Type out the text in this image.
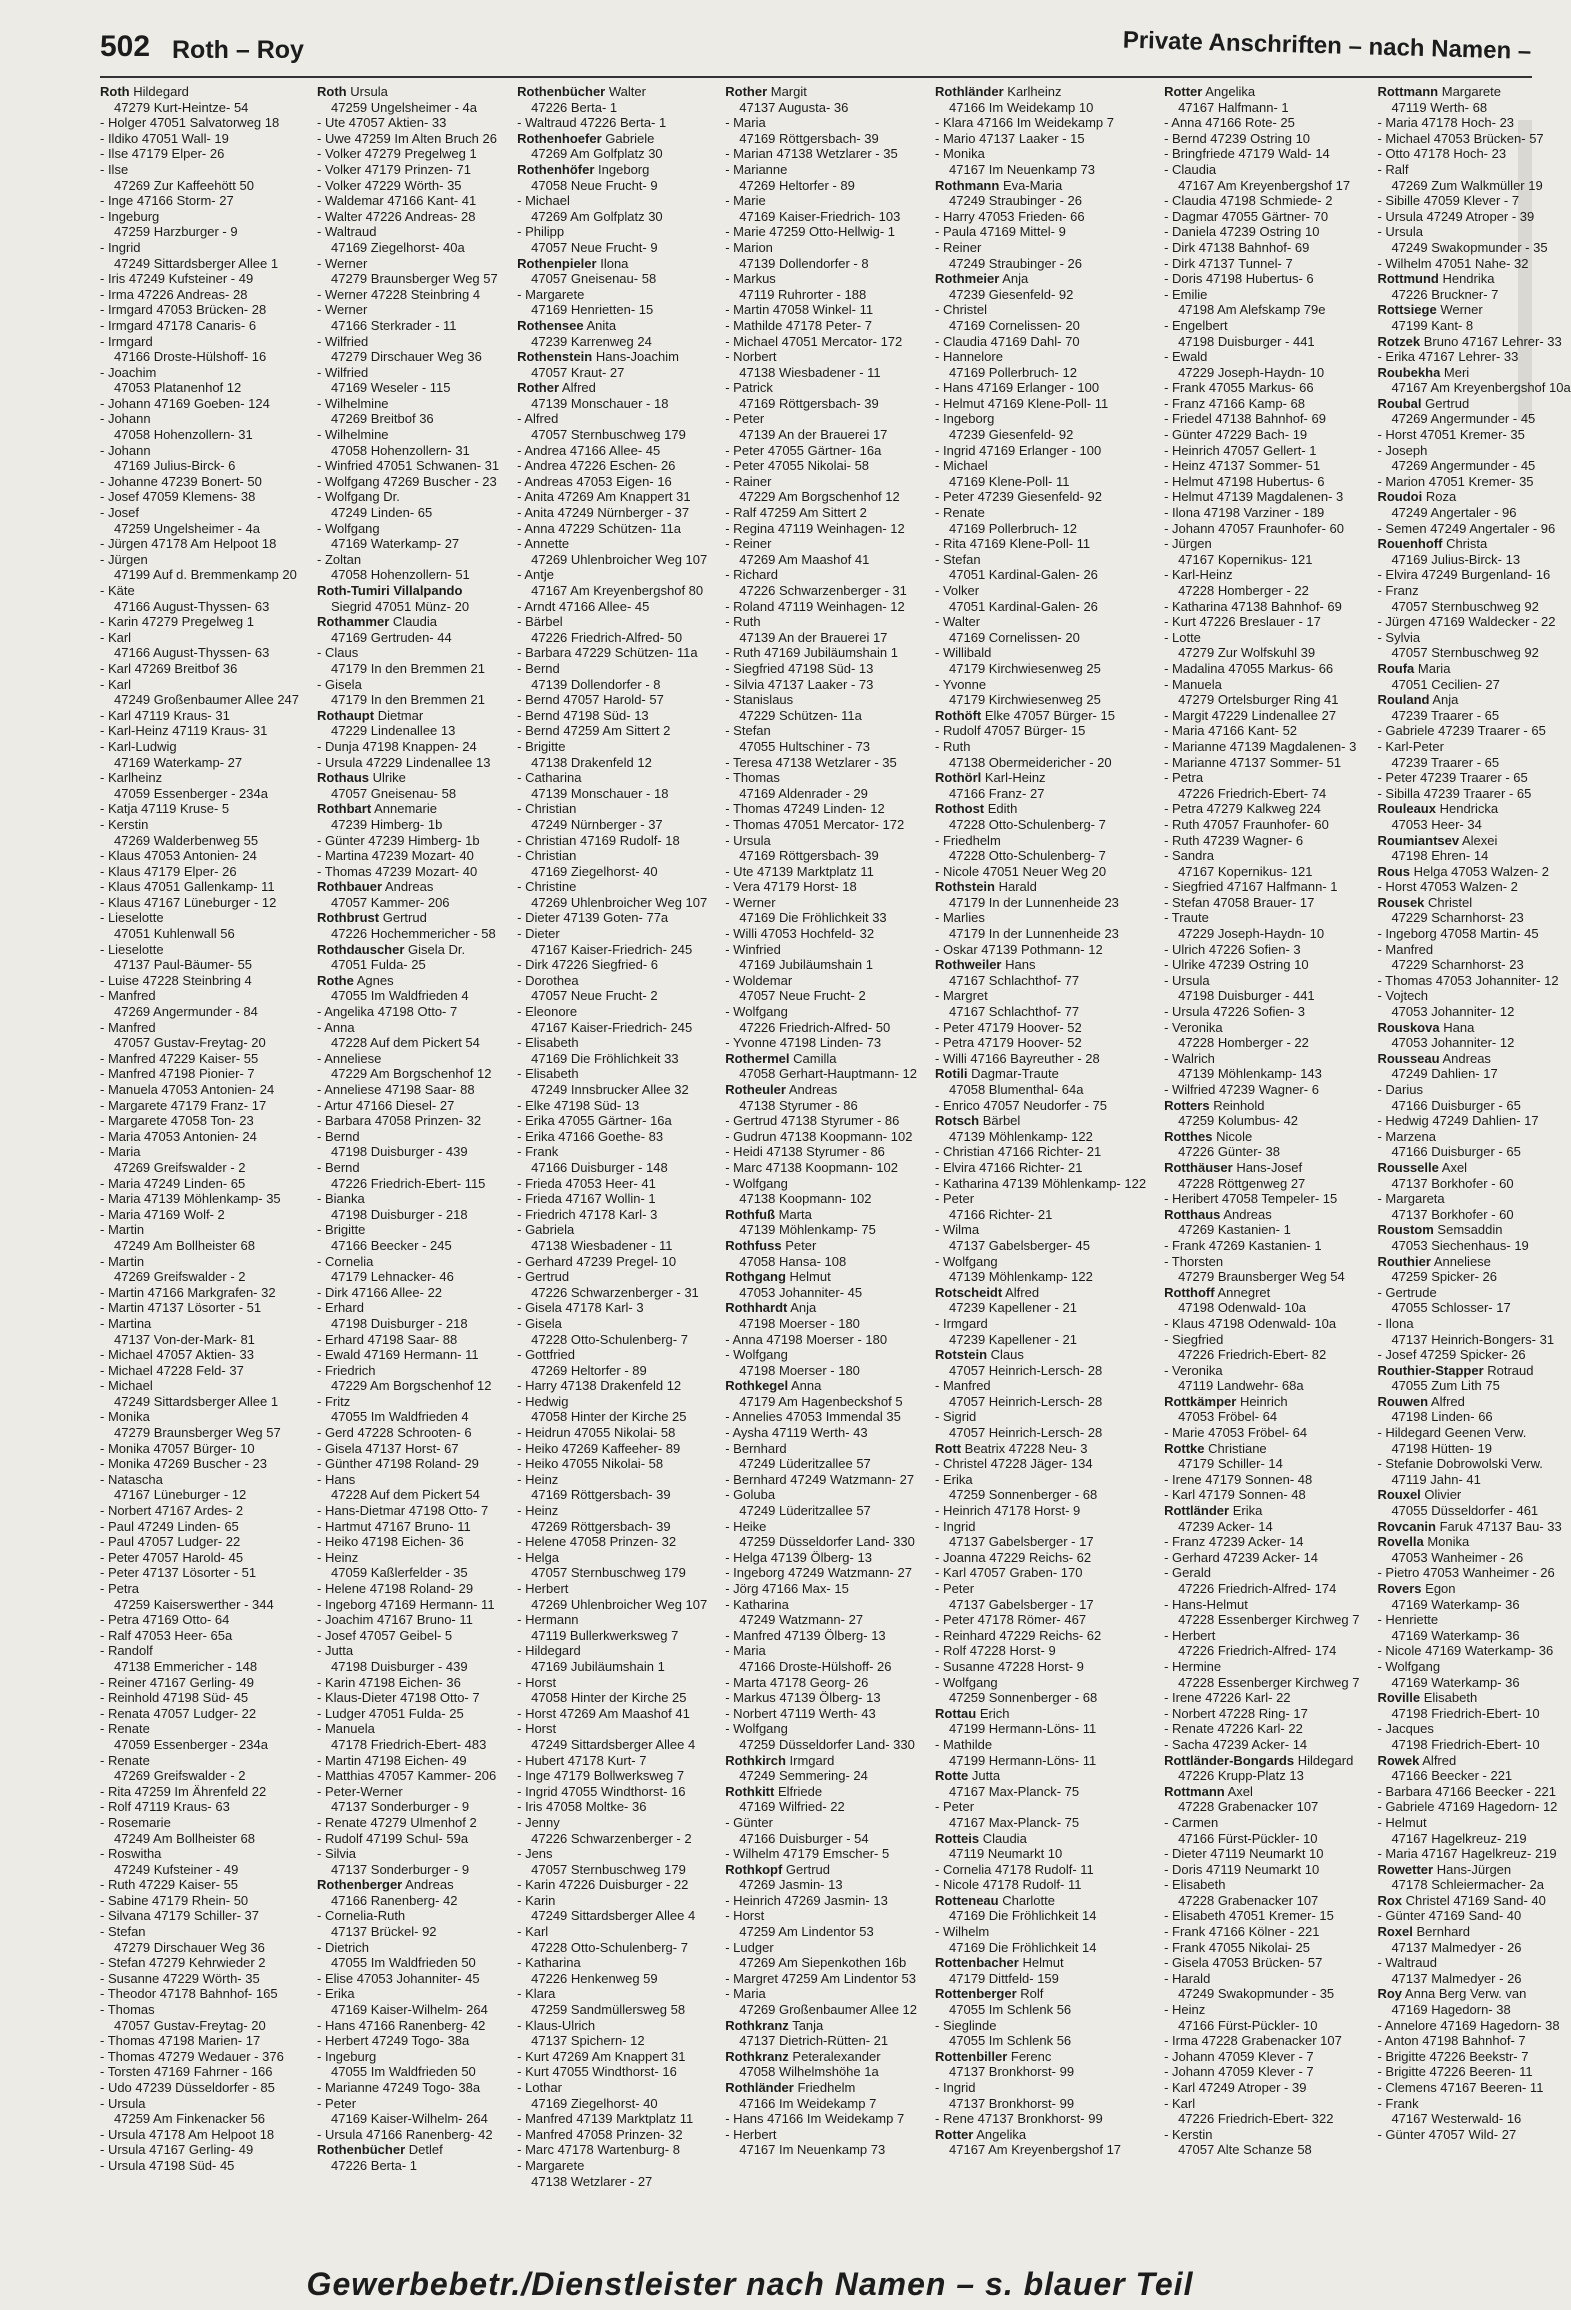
502 Roth – Roy	Private Anschriften – nach Namen –
Roth Hildegard
47279 Kurt-Heintze- 54
- Holger 47051 Salvatorweg 18
- Ildiko 47051 Wall- 19
- Ilse 47179 Elper- 26
- Ilse
47269 Zur Kaffeehött 50
- Inge 47166 Storm- 27
- Ingeburg
47259 Harzburger - 9
- Ingrid
47249 Sittardsberger Allee 1
- Iris 47249 Kufsteiner - 49
- Irma 47226 Andreas- 28
- Irmgard 47053 Brücken- 28
- Irmgard 47178 Canaris- 6
- Irmgard
47166 Droste-Hülshoff- 16
- Joachim
47053 Platanenhof 12
- Johann 47169 Goeben- 124
- Johann
47058 Hohenzollern- 31
- Johann
47169 Julius-Birck- 6
- Johanne 47239 Bonert- 50
- Josef 47059 Klemens- 38
- Josef
47259 Ungelsheimer - 4a
- Jürgen 47178 Am Helpoot 18
- Jürgen
47199 Auf d. Bremmenkamp 20
- Käte
47166 August-Thyssen- 63
- Karin 47279 Pregelweg 1
- Karl
47166 August-Thyssen- 63
- Karl 47269 Breitbof 36
- Karl
47249 Großenbaumer Allee 247
- Karl 47119 Kraus- 31
- Karl-Heinz 47119 Kraus- 31
- Karl-Ludwig
47169 Waterkamp- 27
- Karlheinz
47059 Essenberger - 234a
- Katja 47119 Kruse- 5
- Kerstin
47269 Walderbenweg 55
- Klaus 47053 Antonien- 24
- Klaus 47179 Elper- 26
- Klaus 47051 Gallenkamp- 11
- Klaus 47167 Lüneburger - 12
- Lieselotte
47051 Kuhlenwall 56
- Lieselotte
47137 Paul-Bäumer- 55
- Luise 47228 Steinbring 4
- Manfred
47269 Angermunder - 84
- Manfred
47057 Gustav-Freytag- 20
- Manfred 47229 Kaiser- 55
- Manfred 47198 Pionier- 7
- Manuela 47053 Antonien- 24
- Margarete 47179 Franz- 17
- Margarete 47058 Ton- 23
- Maria 47053 Antonien- 24
- Maria
47269 Greifswalder - 2
- Maria 47249 Linden- 65
- Maria 47139 Möhlenkamp- 35
- Maria 47169 Wolf- 2
- Martin
47249 Am Bollheister 68
- Martin
47269 Greifswalder - 2
- Martin 47166 Markgrafen- 32
- Martin 47137 Lösorter - 51
- Martina
47137 Von-der-Mark- 81
- Michael 47057 Aktien- 33
- Michael 47228 Feld- 37
- Michael
47249 Sittardsberger Allee 1
- Monika
47279 Braunsberger Weg 57
- Monika 47057 Bürger- 10
- Monika 47269 Buscher - 23
- Natascha
47167 Lüneburger - 12
- Norbert 47167 Ardes- 2
- Paul 47249 Linden- 65
- Paul 47057 Ludger- 22
- Peter 47057 Harold- 45
- Peter 47137 Lösorter - 51
- Petra
47259 Kaiserswerther - 344
- Petra 47169 Otto- 64
- Ralf 47053 Heer- 65a
- Randolf
47138 Emmericher - 148
- Reiner 47167 Gerling- 49
- Reinhold 47198 Süd- 45
- Renata 47057 Ludger- 22
- Renate
47059 Essenberger - 234a
- Renate
47269 Greifswalder - 2
- Rita 47259 Im Ährenfeld 22
- Rolf 47119 Kraus- 63
- Rosemarie
47249 Am Bollheister 68
- Roswitha
47249 Kufsteiner - 49
- Ruth 47229 Kaiser- 55
- Sabine 47179 Rhein- 50
- Silvana 47179 Schiller- 37
- Stefan
47279 Dirschauer Weg 36
- Stefan 47279 Kehrwieder 2
- Susanne 47229 Wörth- 35
- Theodor 47178 Bahnhof- 165
- Thomas
47057 Gustav-Freytag- 20
- Thomas 47198 Marien- 17
- Thomas 47279 Wedauer - 376
- Torsten 47169 Fahrner - 166
- Udo 47239 Düsseldorfer - 85
- Ursula
47259 Am Finkenacker 56
- Ursula 47178 Am Helpoot 18
- Ursula 47167 Gerling- 49
- Ursula 47198 Süd- 45
Roth Ursula
47259 Ungelsheimer - 4a
- Ute 47057 Aktien- 33
- Uwe 47259 Im Alten Bruch 26
- Volker 47279 Pregelweg 1
- Volker 47179 Prinzen- 71
- Volker 47229 Wörth- 35
- Waldemar 47166 Kant- 41
- Walter 47226 Andreas- 28
- Waltraud
47169 Ziegelhorst- 40a
- Werner
47279 Braunsberger Weg 57
- Werner 47228 Steinbring 4
- Werner
47166 Sterkrader - 11
- Wilfried
47279 Dirschauer Weg 36
- Wilfried
47169 Weseler - 115
- Wilhelmine
47269 Breitbof 36
- Wilhelmine
47058 Hohenzollern- 31
- Winfried 47051 Schwanen- 31
- Wolfgang 47269 Buscher - 23
- Wolfgang Dr.
47249 Linden- 65
- Wolfgang
47169 Waterkamp- 27
- Zoltan
47058 Hohenzollern- 51
Roth-Tumiri Villalpando
Siegrid 47051 Münz- 20
Rothammer Claudia
47169 Gertruden- 44
- Claus
47179 In den Bremmen 21
- Gisela
47179 In den Bremmen 21
Rothaupt Dietmar
47229 Lindenallee 13
- Dunja 47198 Knappen- 24
- Ursula 47229 Lindenallee 13
Rothaus Ulrike
47057 Gneisenau- 58
Rothbart Annemarie
47239 Himberg- 1b
- Günter 47239 Himberg- 1b
- Martina 47239 Mozart- 40
- Thomas 47239 Mozart- 40
Rothbauer Andreas
47057 Kammer- 206
Rothbrust Gertrud
47226 Hochemmericher - 58
Rothdauscher Gisela Dr.
47051 Fulda- 25
Rothe Agnes
47055 Im Waldfrieden 4
- Angelika 47198 Otto- 7
- Anna
47228 Auf dem Pickert 54
- Anneliese
47229 Am Borgschenhof 12
- Anneliese 47198 Saar- 88
- Artur 47166 Diesel- 27
- Barbara 47058 Prinzen- 32
- Bernd
47198 Duisburger - 439
- Bernd
47226 Friedrich-Ebert- 115
- Bianka
47198 Duisburger - 218
- Brigitte
47166 Beecker - 245
- Cornelia
47179 Lehnacker- 46
- Dirk 47166 Allee- 22
- Erhard
47198 Duisburger - 218
- Erhard 47198 Saar- 88
- Ewald 47169 Hermann- 11
- Friedrich
47229 Am Borgschenhof 12
- Fritz
47055 Im Waldfrieden 4
- Gerd 47228 Schrooten- 6
- Gisela 47137 Horst- 67
- Günther 47198 Roland- 29
- Hans
47228 Auf dem Pickert 54
- Hans-Dietmar 47198 Otto- 7
- Hartmut 47167 Bruno- 11
- Heiko 47198 Eichen- 36
- Heinz
47059 Kaßlerfelder - 35
- Helene 47198 Roland- 29
- Ingeborg 47169 Hermann- 11
- Joachim 47167 Bruno- 11
- Josef 47057 Geibel- 5
- Jutta
47198 Duisburger - 439
- Karin 47198 Eichen- 36
- Klaus-Dieter 47198 Otto- 7
- Ludger 47051 Fulda- 25
- Manuela
47178 Friedrich-Ebert- 483
- Martin 47198 Eichen- 49
- Matthias 47057 Kammer- 206
- Peter-Werner
47137 Sonderburger - 9
- Renate 47279 Ulmenhof 2
- Rudolf 47199 Schul- 59a
- Silvia
47137 Sonderburger - 9
Rothenberger Andreas
47166 Ranenberg- 42
- Cornelia-Ruth
47137 Brückel- 92
- Dietrich
47055 Im Waldfrieden 50
- Elise 47053 Johanniter- 45
- Erika
47169 Kaiser-Wilhelm- 264
- Hans 47166 Ranenberg- 42
- Herbert 47249 Togo- 38a
- Ingeburg
47055 Im Waldfrieden 50
- Marianne 47249 Togo- 38a
- Peter
47169 Kaiser-Wilhelm- 264
- Ursula 47166 Ranenberg- 42
Rothenbücher Detlef
47226 Berta- 1
Rothenbücher Walter
47226 Berta- 1
- Waltraud 47226 Berta- 1
Rothenhoefer Gabriele
47269 Am Golfplatz 30
Rothenhöfer Ingeborg
47058 Neue Frucht- 9
- Michael
47269 Am Golfplatz 30
- Philipp
47057 Neue Frucht- 9
Rothenpieler Ilona
47057 Gneisenau- 58
- Margarete
47169 Henrietten- 15
Rothensee Anita
47239 Karrenweg 24
Rothenstein Hans-Joachim
47057 Kraut- 27
Rother Alfred
47139 Monschauer - 18
- Alfred
47057 Sternbuschweg 179
- Andrea 47166 Allee- 45
- Andrea 47226 Eschen- 26
- Andreas 47053 Eigen- 16
- Anita 47269 Am Knappert 31
- Anita 47249 Nürnberger - 37
- Anna 47229 Schützen- 11a
- Annette
47269 Uhlenbroicher Weg 107
- Antje
47167 Am Kreyenbergshof 80
- Arndt 47166 Allee- 45
- Bärbel
47226 Friedrich-Alfred- 50
- Barbara 47229 Schützen- 11a
- Bernd
47139 Dollendorfer - 8
- Bernd 47057 Harold- 57
- Bernd 47198 Süd- 13
- Bernd 47259 Am Sittert 2
- Brigitte
47138 Drakenfeld 12
- Catharina
47139 Monschauer - 18
- Christian
47249 Nürnberger - 37
- Christian 47169 Rudolf- 18
- Christian
47169 Ziegelhorst- 40
- Christine
47269 Uhlenbroicher Weg 107
- Dieter 47139 Goten- 77a
- Dieter
47167 Kaiser-Friedrich- 245
- Dirk 47226 Siegfried- 6
- Dorothea
47057 Neue Frucht- 2
- Eleonore
47167 Kaiser-Friedrich- 245
- Elisabeth
47169 Die Fröhlichkeit 33
- Elisabeth
47249 Innsbrucker Allee 32
- Elke 47198 Süd- 13
- Erika 47055 Gärtner- 16a
- Erika 47166 Goethe- 83
- Frank
47166 Duisburger - 148
- Frieda 47053 Heer- 41
- Frieda 47167 Wollin- 1
- Friedrich 47178 Karl- 3
- Gabriela
47138 Wiesbadener - 11
- Gerhard 47239 Pregel- 10
- Gertrud
47226 Schwarzenberger - 31
- Gisela 47178 Karl- 3
- Gisela
47228 Otto-Schulenberg- 7
- Gottfried
47269 Heltorfer - 89
- Harry 47138 Drakenfeld 12
- Hedwig
47058 Hinter der Kirche 25
- Heidrun 47055 Nikolai- 58
- Heiko 47269 Kaffeeher- 89
- Heiko 47055 Nikolai- 58
- Heinz
47169 Röttgersbach- 39
- Heinz
47269 Röttgersbach- 39
- Helene 47058 Prinzen- 32
- Helga
47057 Sternbuschweg 179
- Herbert
47269 Uhlenbroicher Weg 107
- Hermann
47119 Bullerkwerksweg 7
- Hildegard
47169 Jubiläumshain 1
- Horst
47058 Hinter der Kirche 25
- Horst 47269 Am Maashof 41
- Horst
47249 Sittardsberger Allee 4
- Hubert 47178 Kurt- 7
- Inge 47179 Bollwerksweg 7
- Ingrid 47055 Windthorst- 16
- Iris 47058 Moltke- 36
- Jenny
47226 Schwarzenberger - 2
- Jens
47057 Sternbuschweg 179
- Karin 47226 Duisburger - 22
- Karin
47249 Sittardsberger Allee 4
- Karl
47228 Otto-Schulenberg- 7
- Katharina
47226 Henkenweg 59
- Klara
47259 Sandmüllersweg 58
- Klaus-Ulrich
47137 Spichern- 12
- Kurt 47269 Am Knappert 31
- Kurt 47055 Windthorst- 16
- Lothar
47169 Ziegelhorst- 40
- Manfred 47139 Marktplatz 11
- Manfred 47058 Prinzen- 32
- Marc 47178 Wartenburg- 8
- Margarete
47138 Wetzlarer - 27
Rother Margit
47137 Augusta- 36
- Maria
47169 Röttgersbach- 39
- Marian 47138 Wetzlarer - 35
- Marianne
47269 Heltorfer - 89
- Marie
47169 Kaiser-Friedrich- 103
- Marie 47259 Otto-Hellwig- 1
- Marion
47139 Dollendorfer - 8
- Markus
47119 Ruhrorter - 188
- Martin 47058 Winkel- 11
- Mathilde 47178 Peter- 7
- Michael 47051 Mercator- 172
- Norbert
47138 Wiesbadener - 11
- Patrick
47169 Röttgersbach- 39
- Peter
47139 An der Brauerei 17
- Peter 47055 Gärtner- 16a
- Peter 47055 Nikolai- 58
- Rainer
47229 Am Borgschenhof 12
- Ralf 47259 Am Sittert 2
- Regina 47119 Weinhagen- 12
- Reiner
47269 Am Maashof 41
- Richard
47226 Schwarzenberger - 31
- Roland 47119 Weinhagen- 12
- Ruth
47139 An der Brauerei 17
- Ruth 47169 Jubiläumshain 1
- Siegfried 47198 Süd- 13
- Silvia 47137 Laaker - 73
- Stanislaus
47229 Schützen- 11a
- Stefan
47055 Hultschiner - 73
- Teresa 47138 Wetzlarer - 35
- Thomas
47169 Aldenrader - 29
- Thomas 47249 Linden- 12
- Thomas 47051 Mercator- 172
- Ursula
47169 Röttgersbach- 39
- Ute 47139 Marktplatz 11
- Vera 47179 Horst- 18
- Werner
47169 Die Fröhlichkeit 33
- Willi 47053 Hochfeld- 32
- Winfried
47169 Jubiläumshain 1
- Woldemar
47057 Neue Frucht- 2
- Wolfgang
47226 Friedrich-Alfred- 50
- Yvonne 47198 Linden- 73
Rothermel Camilla
47058 Gerhart-Hauptmann- 12
Rotheuler Andreas
47138 Styrumer - 86
- Gertrud 47138 Styrumer - 86
- Gudrun 47138 Koopmann- 102
- Heidi 47138 Styrumer - 86
- Marc 47138 Koopmann- 102
- Wolfgang
47138 Koopmann- 102
Rothfuß Marta
47139 Möhlenkamp- 75
Rothfuss Peter
47058 Hansa- 108
Rothgang Helmut
47053 Johanniter- 45
Rothhardt Anja
47198 Moerser - 180
- Anna 47198 Moerser - 180
- Wolfgang
47198 Moerser - 180
Rothkegel Anna
47179 Am Hagenbeckshof 5
- Annelies 47053 Immendal 35
- Aysha 47119 Werth- 43
- Bernhard
47249 Lüderitzallee 57
- Bernhard 47249 Watzmann- 27
- Goluba
47249 Lüderitzallee 57
- Heike
47259 Düsseldorfer Land- 330
- Helga 47139 Ölberg- 13
- Ingeborg 47249 Watzmann- 27
- Jörg 47166 Max- 15
- Katharina
47249 Watzmann- 27
- Manfred 47139 Ölberg- 13
- Maria
47166 Droste-Hülshoff- 26
- Marta 47178 Georg- 26
- Markus 47139 Ölberg- 13
- Norbert 47119 Werth- 43
- Wolfgang
47259 Düsseldorfer Land- 330
Rothkirch Irmgard
47249 Semmering- 24
Rothkitt Elfriede
47169 Wilfried- 22
- Günter
47166 Duisburger - 54
- Wilhelm 47179 Emscher- 5
Rothkopf Gertrud
47269 Jasmin- 13
- Heinrich 47269 Jasmin- 13
- Horst
47259 Am Lindentor 53
- Ludger
47269 Am Siepenkothen 16b
- Margret 47259 Am Lindentor 53
- Maria
47269 Großenbaumer Allee 12
Rothkranz Tanja
47137 Dietrich-Rütten- 21
Rothkranz Peteralexander
47058 Wilhelmshöhe 1a
Rothländer Friedhelm
47166 Im Weidekamp 7
- Hans 47166 Im Weidekamp 7
- Herbert
47167 Im Neuenkamp 73
Rothländer Karlheinz
47166 Im Weidekamp 10
- Klara 47166 Im Weidekamp 7
- Mario 47137 Laaker - 15
- Monika
47167 Im Neuenkamp 73
Rothmann Eva-Maria
47249 Straubinger - 26
- Harry 47053 Frieden- 66
- Paula 47169 Mittel- 9
- Reiner
47249 Straubinger - 26
Rothmeier Anja
47239 Giesenfeld- 92
- Christel
47169 Cornelissen- 20
- Claudia 47169 Dahl- 70
- Hannelore
47169 Pollerbruch- 12
- Hans 47169 Erlanger - 100
- Helmut 47169 Klene-Poll- 11
- Ingeborg
47239 Giesenfeld- 92
- Ingrid 47169 Erlanger - 100
- Michael
47169 Klene-Poll- 11
- Peter 47239 Giesenfeld- 92
- Renate
47169 Pollerbruch- 12
- Rita 47169 Klene-Poll- 11
- Stefan
47051 Kardinal-Galen- 26
- Volker
47051 Kardinal-Galen- 26
- Walter
47169 Cornelissen- 20
- Willibald
47179 Kirchwiesenweg 25
- Yvonne
47179 Kirchwiesenweg 25
Rothöft Elke 47057 Bürger- 15
- Rudolf 47057 Bürger- 15
- Ruth
47138 Obermeidericher - 20
Rothörl Karl-Heinz
47166 Franz- 27
Rothost Edith
47228 Otto-Schulenberg- 7
- Friedhelm
47228 Otto-Schulenberg- 7
- Nicole 47051 Neuer Weg 20
Rothstein Harald
47179 In der Lunnenheide 23
- Marlies
47179 In der Lunnenheide 23
- Oskar 47139 Pothmann- 12
Rothweiler Hans
47167 Schlachthof- 77
- Margret
47167 Schlachthof- 77
- Peter 47179 Hoover- 52
- Petra 47179 Hoover- 52
- Willi 47166 Bayreuther - 28
Rotili Dagmar-Traute
47058 Blumenthal- 64a
- Enrico 47057 Neudorfer - 75
Rotsch Bärbel
47139 Möhlenkamp- 122
- Christian 47166 Richter- 21
- Elvira 47166 Richter- 21
- Katharina 47139 Möhlenkamp- 122
- Peter
47166 Richter- 21
- Wilma
47137 Gabelsberger- 45
- Wolfgang
47139 Möhlenkamp- 122
Rotscheidt Alfred
47239 Kapellener - 21
- Irmgard
47239 Kapellener - 21
Rotstein Claus
47057 Heinrich-Lersch- 28
- Manfred
47057 Heinrich-Lersch- 28
- Sigrid
47057 Heinrich-Lersch- 28
Rott Beatrix 47228 Neu- 3
- Christel 47228 Jäger- 134
- Erika
47259 Sonnenberger - 68
- Heinrich 47178 Horst- 9
- Ingrid
47137 Gabelsberger - 17
- Joanna 47229 Reichs- 62
- Karl 47057 Graben- 170
- Peter
47137 Gabelsberger - 17
- Peter 47178 Römer- 467
- Reinhard 47229 Reichs- 62
- Rolf 47228 Horst- 9
- Susanne 47228 Horst- 9
- Wolfgang
47259 Sonnenberger - 68
Rottau Erich
47199 Hermann-Löns- 11
- Mathilde
47199 Hermann-Löns- 11
Rotte Jutta
47167 Max-Planck- 75
- Peter
47167 Max-Planck- 75
Rotteis Claudia
47119 Neumarkt 10
- Cornelia 47178 Rudolf- 11
- Nicole 47178 Rudolf- 11
Rotteneau Charlotte
47169 Die Fröhlichkeit 14
- Wilhelm
47169 Die Fröhlichkeit 14
Rottenbacher Helmut
47179 Dittfeld- 159
Rottenberger Rolf
47055 Im Schlenk 56
- Sieglinde
47055 Im Schlenk 56
Rottenbiller Ferenc
47137 Bronkhorst- 99
- Ingrid
47137 Bronkhorst- 99
- Rene 47137 Bronkhorst- 99
Rotter Angelika
47167 Am Kreyenbergshof 17
Rotter Angelika
47167 Halfmann- 1
- Anna 47166 Rote- 25
- Bernd 47239 Ostring 10
- Bringfriede 47179 Wald- 14
- Claudia
47167 Am Kreyenbergshof 17
- Claudia 47198 Schmiede- 2
- Dagmar 47055 Gärtner- 70
- Daniela 47239 Ostring 10
- Dirk 47138 Bahnhof- 69
- Dirk 47137 Tunnel- 7
- Doris 47198 Hubertus- 6
- Emilie
47198 Am Alefskamp 79e
- Engelbert
47198 Duisburger - 441
- Ewald
47229 Joseph-Haydn- 10
- Frank 47055 Markus- 66
- Franz 47166 Kamp- 68
- Friedel 47138 Bahnhof- 69
- Günter 47229 Bach- 19
- Heinrich 47057 Gellert- 1
- Heinz 47137 Sommer- 51
- Helmut 47198 Hubertus- 6
- Helmut 47139 Magdalenen- 3
- Ilona 47198 Varziner - 189
- Johann 47057 Fraunhofer- 60
- Jürgen
47167 Kopernikus- 121
- Karl-Heinz
47228 Homberger - 22
- Katharina 47138 Bahnhof- 69
- Kurt 47226 Breslauer - 17
- Lotte
47279 Zur Wolfskuhl 39
- Madalina 47055 Markus- 66
- Manuela
47279 Ortelsburger Ring 41
- Margit 47229 Lindenallee 27
- Maria 47166 Kant- 52
- Marianne 47139 Magdalenen- 3
- Marianne 47137 Sommer- 51
- Petra
47226 Friedrich-Ebert- 74
- Petra 47279 Kalkweg 224
- Ruth 47057 Fraunhofer- 60
- Ruth 47239 Wagner- 6
- Sandra
47167 Kopernikus- 121
- Siegfried 47167 Halfmann- 1
- Stefan 47058 Brauer- 17
- Traute
47229 Joseph-Haydn- 10
- Ulrich 47226 Sofien- 3
- Ulrike 47239 Ostring 10
- Ursula
47198 Duisburger - 441
- Ursula 47226 Sofien- 3
- Veronika
47228 Homberger - 22
- Walrich
47139 Möhlenkamp- 143
- Wilfried 47239 Wagner- 6
Rotters Reinhold
47259 Kolumbus- 42
Rotthes Nicole
47226 Günter- 38
Rotthäuser Hans-Josef
47228 Röttgenweg 27
- Heribert 47058 Tempeler- 15
Rotthaus Andreas
47269 Kastanien- 1
- Frank 47269 Kastanien- 1
- Thorsten
47279 Braunsberger Weg 54
Rotthoff Annegret
47198 Odenwald- 10a
- Klaus 47198 Odenwald- 10a
- Siegfried
47226 Friedrich-Ebert- 82
- Veronika
47119 Landwehr- 68a
Rottkämper Heinrich
47053 Fröbel- 64
- Marie 47053 Fröbel- 64
Rottke Christiane
47179 Schiller- 14
- Irene 47179 Sonnen- 48
- Karl 47179 Sonnen- 48
Rottländer Erika
47239 Acker- 14
- Franz 47239 Acker- 14
- Gerhard 47239 Acker- 14
- Gerald
47226 Friedrich-Alfred- 174
- Hans-Helmut
47228 Essenberger Kirchweg 7
- Herbert
47226 Friedrich-Alfred- 174
- Hermine
47228 Essenberger Kirchweg 7
- Irene 47226 Karl- 22
- Norbert 47228 Ring- 17
- Renate 47226 Karl- 22
- Sacha 47239 Acker- 14
Rottländer-Bongards Hildegard
47226 Krupp-Platz 13
Rottmann Axel
47228 Grabenacker 107
- Carmen
47166 Fürst-Pückler- 10
- Dieter 47119 Neumarkt 10
- Doris 47119 Neumarkt 10
- Elisabeth
47228 Grabenacker 107
- Elisabeth 47051 Kremer- 15
- Frank 47166 Kölner - 221
- Frank 47055 Nikolai- 25
- Gisela 47053 Brücken- 57
- Harald
47249 Swakopmunder - 35
- Heinz
47166 Fürst-Pückler- 10
- Irma 47228 Grabenacker 107
- Johann 47059 Klever - 7
- Johann 47059 Klever - 7
- Karl 47249 Atroper - 39
- Karl
47226 Friedrich-Ebert- 322
- Kerstin
47057 Alte Schanze 58
Rottmann Margarete
47119 Werth- 68
- Maria 47178 Hoch- 23
- Michael 47053 Brücken- 57
- Otto 47178 Hoch- 23
- Ralf
47269 Zum Walkmüller 19
- Sibille 47059 Klever - 7
- Ursula 47249 Atroper - 39
- Ursula
47249 Swakopmunder - 35
- Wilhelm 47051 Nahe- 32
Rottmund Hendrika
47226 Bruckner- 7
Rottsiege Werner
47199 Kant- 8
Rotzek Bruno 47167 Lehrer- 33
- Erika 47167 Lehrer- 33
Roubekha Meri
47167 Am Kreyenbergshof 10a
Roubal Gertrud
47269 Angermunder - 45
- Horst 47051 Kremer- 35
- Joseph
47269 Angermunder - 45
- Marion 47051 Kremer- 35
Roudoi Roza
47249 Angertaler - 96
- Semen 47249 Angertaler - 96
Rouenhoff Christa
47169 Julius-Birck- 13
- Elvira 47249 Burgenland- 16
- Franz
47057 Sternbuschweg 92
- Jürgen 47169 Waldecker - 22
- Sylvia
47057 Sternbuschweg 92
Roufa Maria
47051 Cecilien- 27
Rouland Anja
47239 Traarer - 65
- Gabriele 47239 Traarer - 65
- Karl-Peter
47239 Traarer - 65
- Peter 47239 Traarer - 65
- Sibilla 47239 Traarer - 65
Rouleaux Hendricka
47053 Heer- 34
Roumiantsev Alexei
47198 Ehren- 14
Rous Helga 47053 Walzen- 2
- Horst 47053 Walzen- 2
Rousek Christel
47229 Scharnhorst- 23
- Ingeborg 47058 Martin- 45
- Manfred
47229 Scharnhorst- 23
- Thomas 47053 Johanniter- 12
- Vojtech
47053 Johanniter- 12
Rouskova Hana
47053 Johanniter- 12
Rousseau Andreas
47249 Dahlien- 17
- Darius
47166 Duisburger - 65
- Hedwig 47249 Dahlien- 17
- Marzena
47166 Duisburger - 65
Rousselle Axel
47137 Borkhofer - 60
- Margareta
47137 Borkhofer - 60
Roustom Semsaddin
47053 Siechenhaus- 19
Routhier Anneliese
47259 Spicker- 26
- Gertrude
47055 Schlosser- 17
- Ilona
47137 Heinrich-Bongers- 31
- Josef 47259 Spicker- 26
Routhier-Stapper Rotraud
47055 Zum Lith 75
Rouwen Alfred
47198 Linden- 66
- Hildegard Geenen Verw.
47198 Hütten- 19
- Stefanie Dobrowolski Verw.
47119 Jahn- 41
Rouxel Olivier
47055 Düsseldorfer - 461
Rovcanin Faruk 47137 Bau- 33
Rovella Monika
47053 Wanheimer - 26
- Pietro 47053 Wanheimer - 26
Rovers Egon
47169 Waterkamp- 36
- Henriette
47169 Waterkamp- 36
- Nicole 47169 Waterkamp- 36
- Wolfgang
47169 Waterkamp- 36
Roville Elisabeth
47198 Friedrich-Ebert- 10
- Jacques
47198 Friedrich-Ebert- 10
Rowek Alfred
47166 Beecker - 221
- Barbara 47166 Beecker - 221
- Gabriele 47169 Hagedorn- 12
- Helmut
47167 Hagelkreuz- 219
- Maria 47167 Hagelkreuz- 219
Rowetter Hans-Jürgen
47178 Schleiermacher- 2a
Rox Christel 47169 Sand- 40
- Günter 47169 Sand- 40
Roxel Bernhard
47137 Malmedyer - 26
- Waltraud
47137 Malmedyer - 26
Roy Anna Berg Verw. van
47169 Hagedorn- 38
- Annelore 47169 Hagedorn- 38
- Anton 47198 Bahnhof- 7
- Brigitte 47226 Beekstr- 7
- Brigitte 47226 Beeren- 11
- Clemens 47167 Beeren- 11
- Frank
47167 Westerwald- 16
- Günter 47057 Wild- 27
Gewerbebetr./Dienstleister nach Namen – s. blauer Teil
